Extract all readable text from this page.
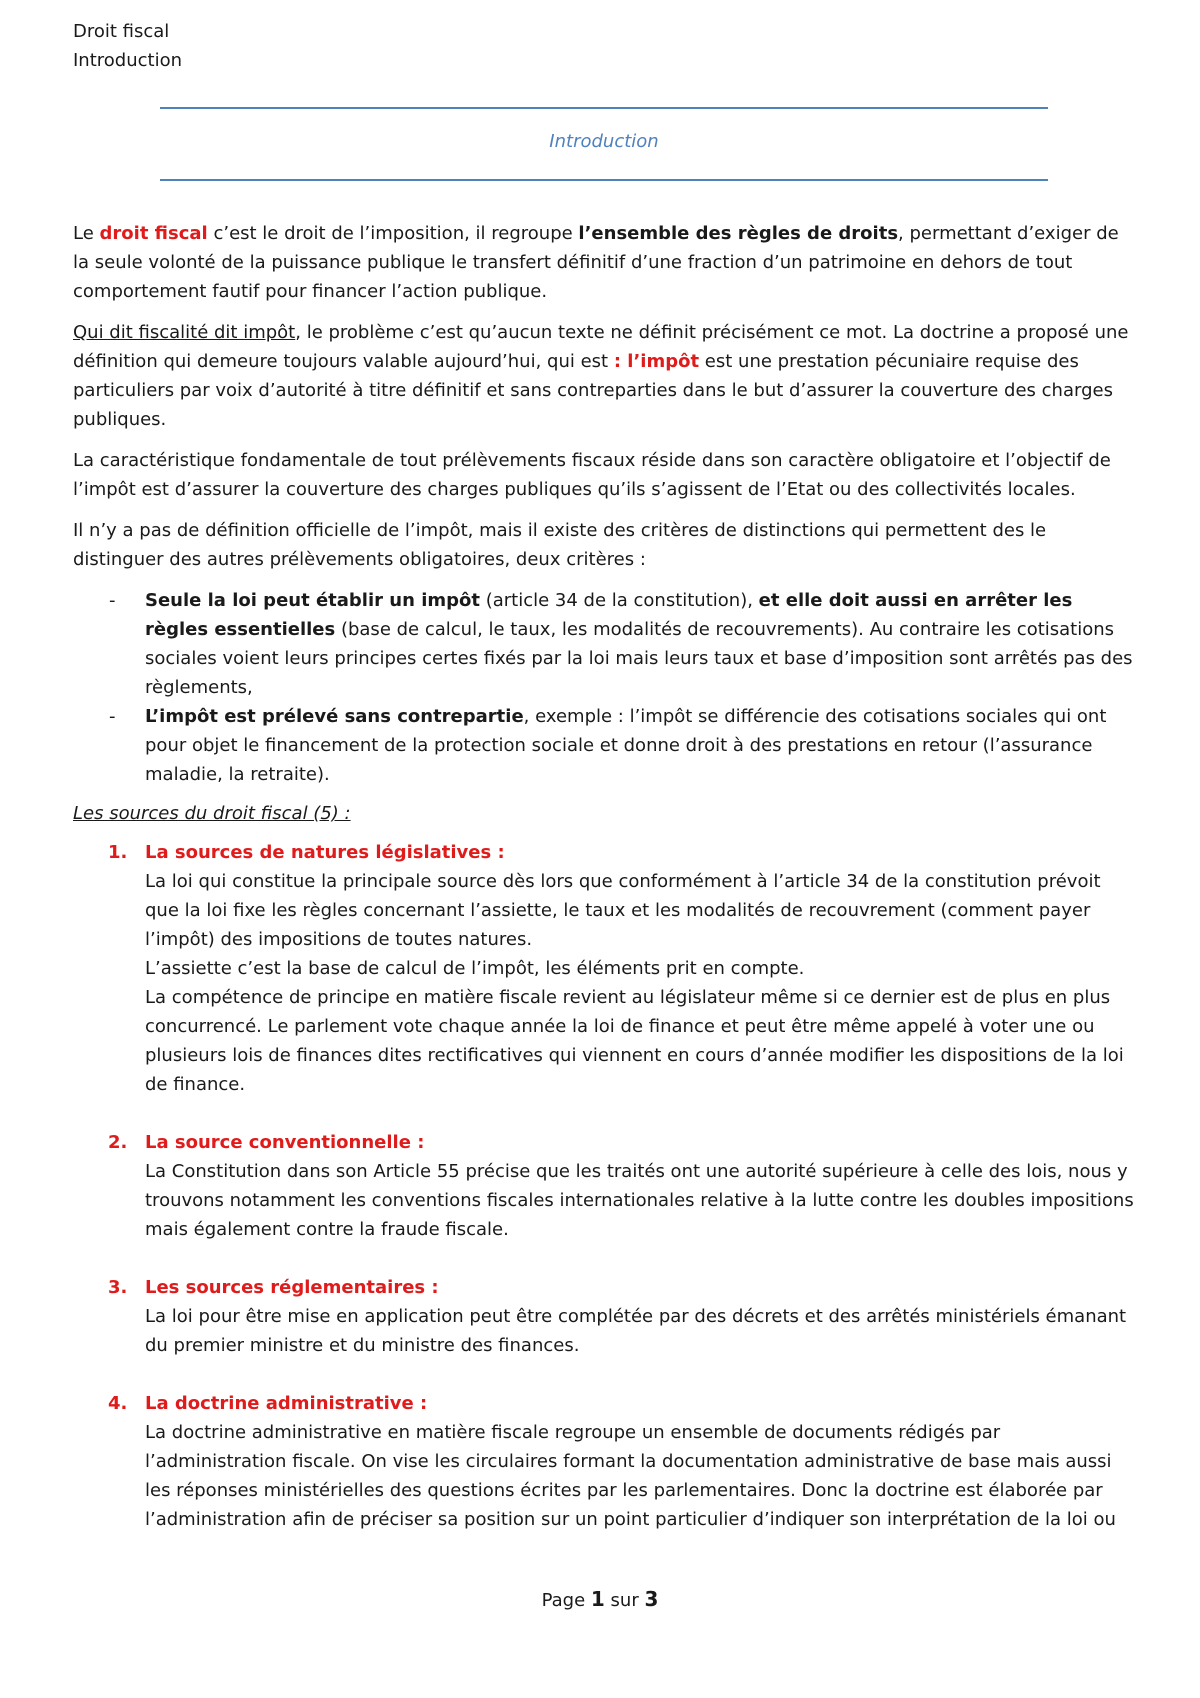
Droit fiscal
Introduction
Introduction

Le droit fiscal c’est le droit de l’imposition, il regroupe l’ensemble des règles de droits, permettant d’exiger de la seule volonté de la puissance publique le transfert définitif d’une fraction d’un patrimoine en dehors de tout comportement fautif pour financer l’action publique.

Qui dit fiscalité dit impôt, le problème c’est qu’aucun texte ne définit précisément ce mot. La doctrine a proposé une définition qui demeure toujours valable aujourd’hui, qui est : l’impôt est une prestation pécuniaire requise des particuliers par voix d’autorité à titre définitif et sans contreparties dans le but d’assurer la couverture des charges publiques.

La caractéristique fondamentale de tout prélèvements fiscaux réside dans son caractère obligatoire et l’objectif de l’impôt est d’assurer la couverture des charges publiques qu’ils s’agissent de l’Etat ou des collectivités locales.

Il n’y a pas de définition officielle de l’impôt, mais il existe des critères de distinctions qui permettent des le distinguer des autres prélèvements obligatoires, deux critères :

- Seule la loi peut établir un impôt (article 34 de la constitution), et elle doit aussi en arrêter les règles essentielles (base de calcul, le taux, les modalités de recouvrements). Au contraire les cotisations sociales voient leurs principes certes fixés par la loi mais leurs taux et base d’imposition sont arrêtés pas des règlements,
- L’impôt est prélevé sans contrepartie, exemple : l’impôt se différencie des cotisations sociales qui ont pour objet le financement de la protection sociale et donne droit à des prestations en retour (l’assurance maladie, la retraite).
Les sources du droit fiscal (5) :
1. La sources de natures législatives :
La loi qui constitue la principale source dès lors que conformément à l’article 34 de la constitution prévoit que la loi fixe les règles concernant l’assiette, le taux et les modalités de recouvrement (comment payer l’impôt) des impositions de toutes natures.
L’assiette c’est la base de calcul de l’impôt, les éléments prit en compte.
La compétence de principe en matière fiscale revient au législateur même si ce dernier est de plus en plus concurrencé. Le parlement vote chaque année la loi de finance et peut être même appelé à voter une ou plusieurs lois de finances dites rectificatives qui viennent en cours d’année modifier les dispositions de la loi de finance.
2. La source conventionnelle :
La Constitution dans son Article 55 précise que les traités ont une autorité supérieure à celle des lois, nous y trouvons notamment les conventions fiscales internationales relative à la lutte contre les doubles impositions mais également contre la fraude fiscale.
3. Les sources réglementaires :
La loi pour être mise en application peut être complétée par des décrets et des arrêtés ministériels émanant du premier ministre et du ministre des finances.
4. La doctrine administrative :
La doctrine administrative en matière fiscale regroupe un ensemble de documents rédigés par l’administration fiscale. On vise les circulaires formant la documentation administrative de base mais aussi les réponses ministérielles des questions écrites par les parlementaires. Donc la doctrine est élaborée par l’administration afin de préciser sa position sur un point particulier d’indiquer son interprétation de la loi ou
Page 1 sur 3
